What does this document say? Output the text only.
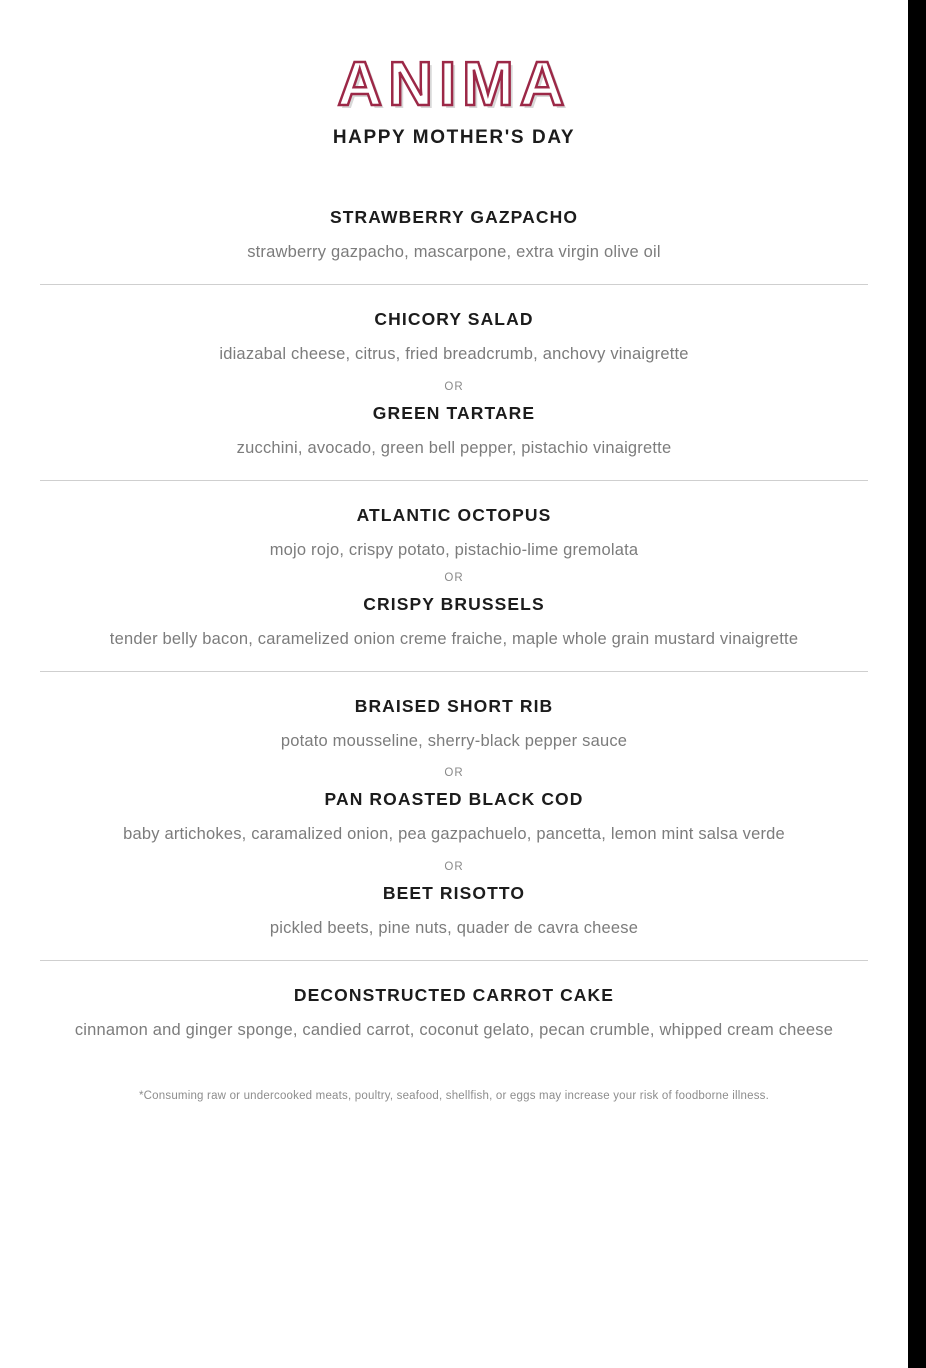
ANIMA
HAPPY MOTHER'S DAY
STRAWBERRY GAZPACHO
strawberry gazpacho, mascarpone, extra virgin olive oil
CHICORY SALAD
idiazabal cheese, citrus, fried breadcrumb, anchovy vinaigrette
OR
GREEN TARTARE
zucchini, avocado, green bell pepper, pistachio vinaigrette
ATLANTIC OCTOPUS
mojo rojo, crispy potato, pistachio-lime gremolata
OR
CRISPY BRUSSELS
tender belly bacon, caramelized onion creme fraiche, maple whole grain mustard vinaigrette
BRAISED SHORT RIB
potato mousseline, sherry-black pepper sauce
OR
PAN ROASTED BLACK COD
baby artichokes, caramalized onion, pea gazpachuelo, pancetta, lemon mint salsa verde
OR
BEET RISOTTO
pickled beets, pine nuts, quader de cavra cheese
DECONSTRUCTED CARROT CAKE
cinnamon and ginger sponge, candied carrot, coconut gelato, pecan crumble, whipped cream cheese
*Consuming raw or undercooked meats, poultry, seafood, shellfish, or eggs may increase your risk of foodborne illness.
